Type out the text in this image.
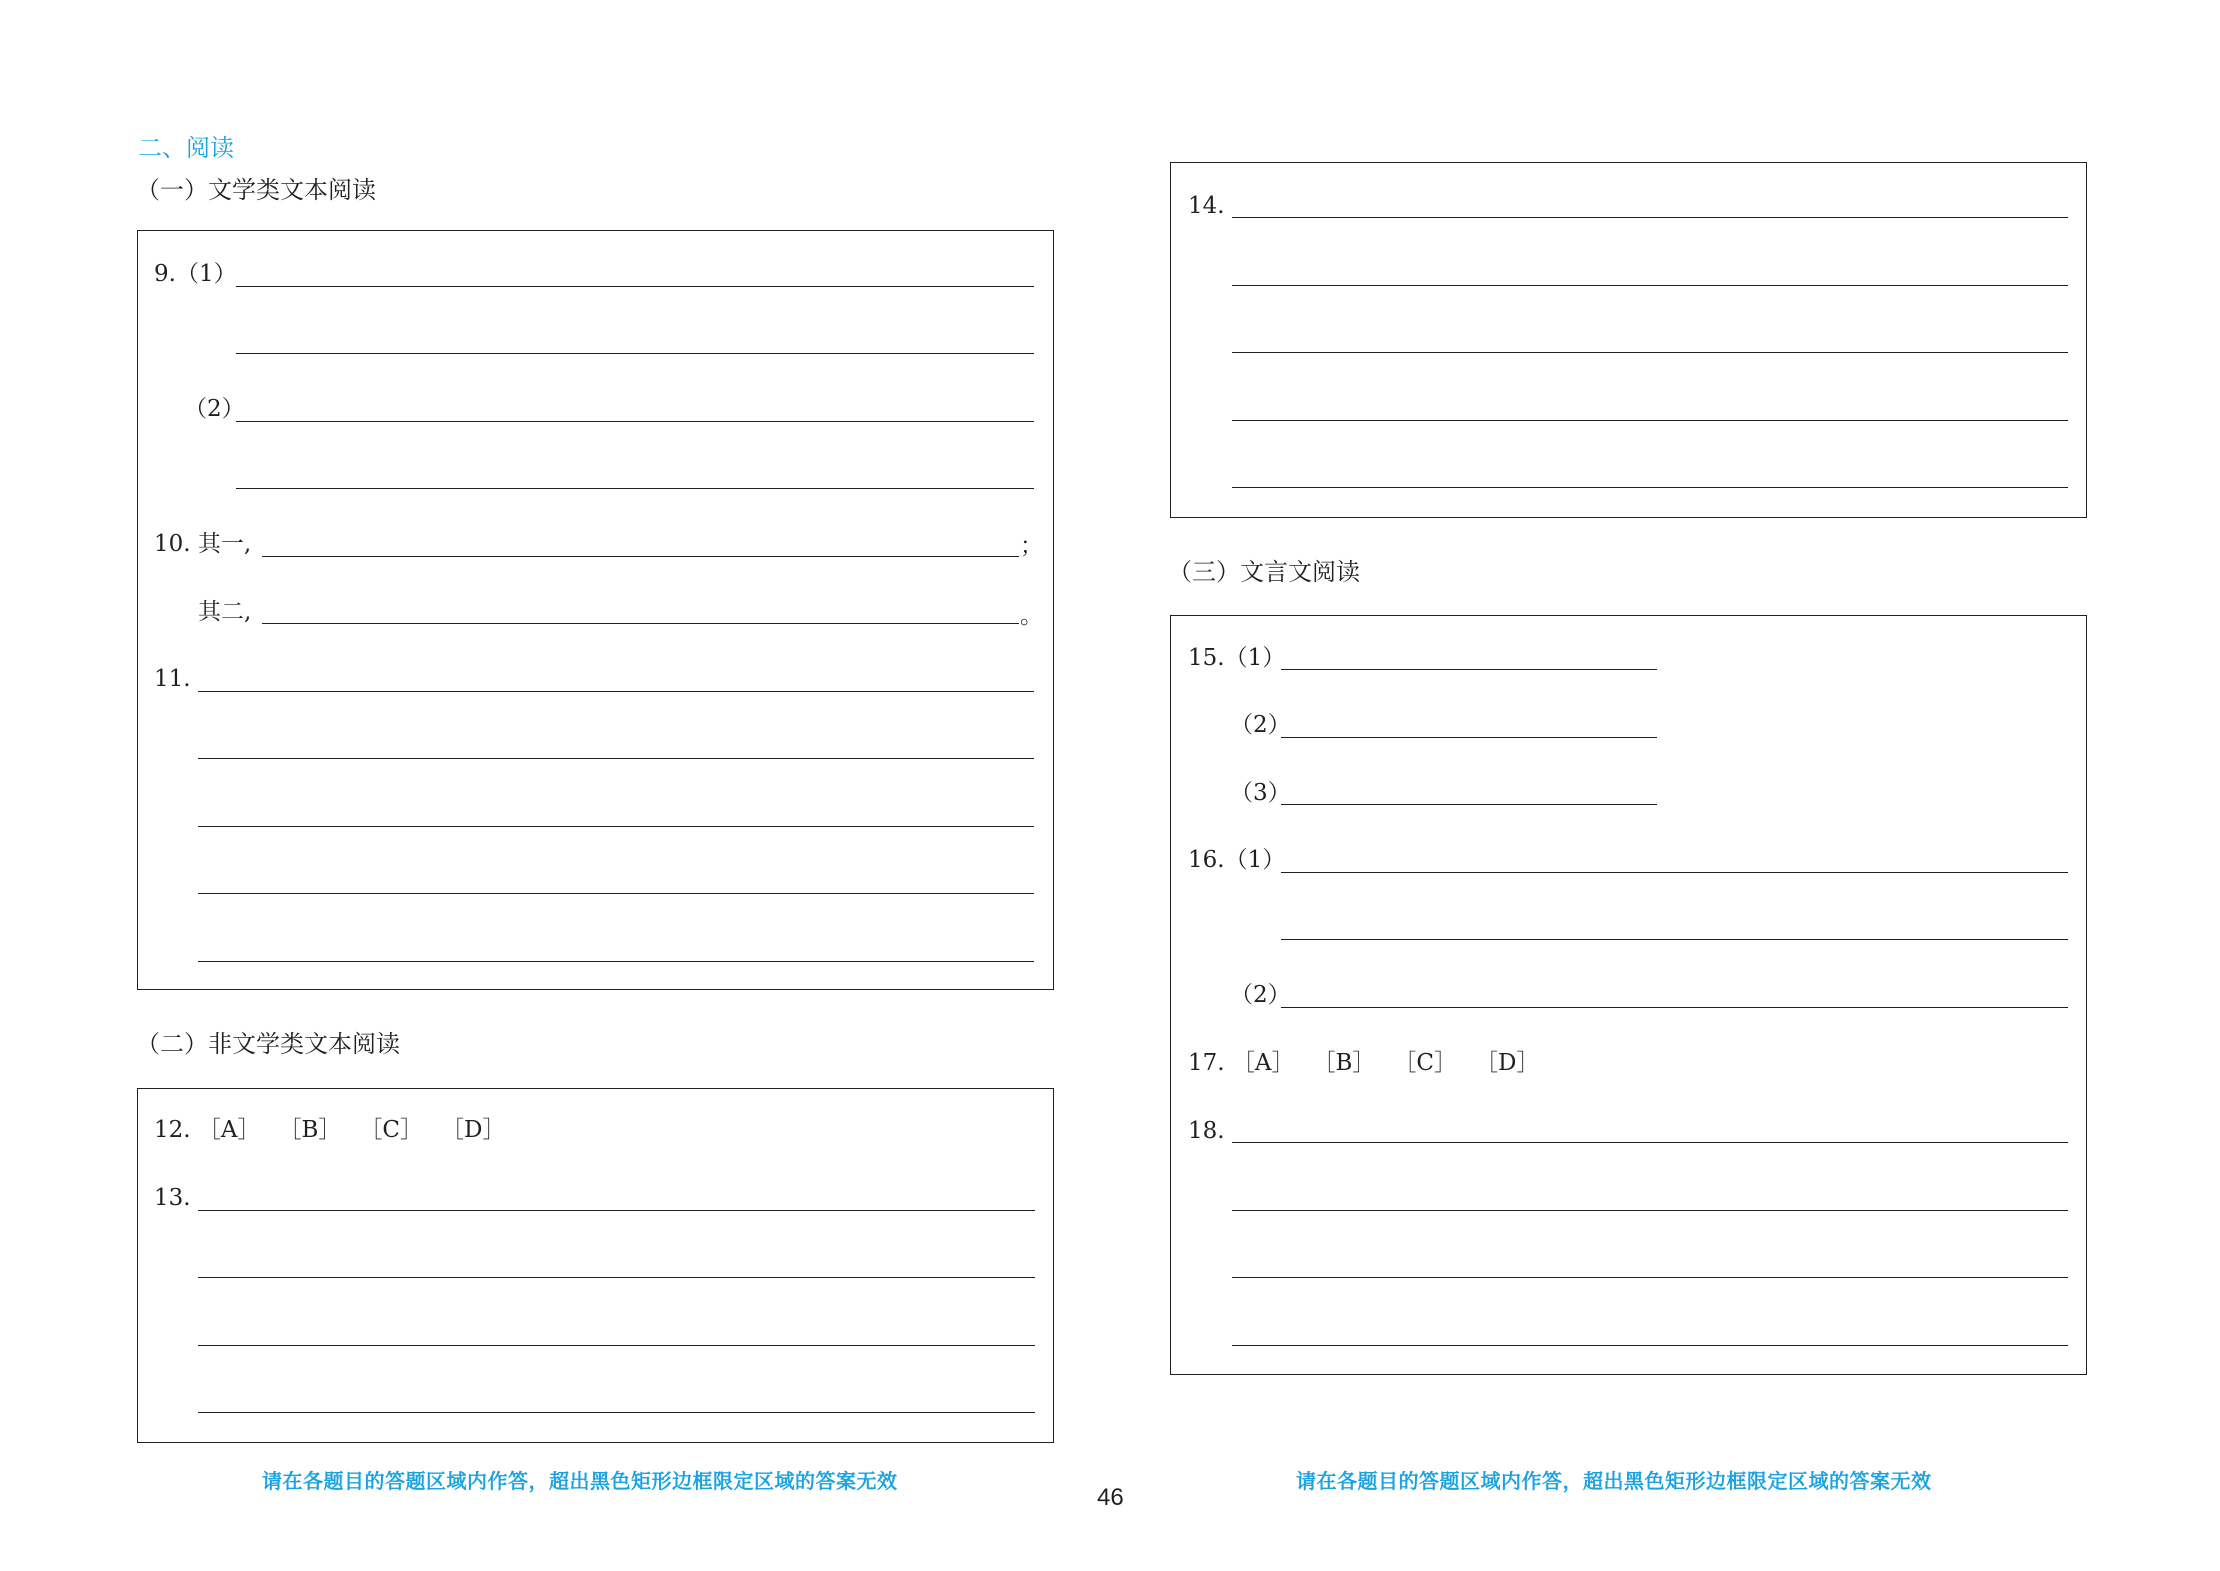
二、阅读
（一）文学类文本阅读
9.（1）
（2）
10. 其一,	；
其二,	。
11.
（二）非文学类文本阅读
12. ［A］ ［B］ ［C］ ［D］
13.
14.
（三）文言文阅读
15.（1）
（2）
（3）
16.（1）
（2）
17. ［A］ ［B］ ［C］ ［D］
18.
请在各题目的答题区域内作答，超出黑色矩形边框限定区域的答案无效
46
请在各题目的答题区域内作答，超出黑色矩形边框限定区域的答案无效
